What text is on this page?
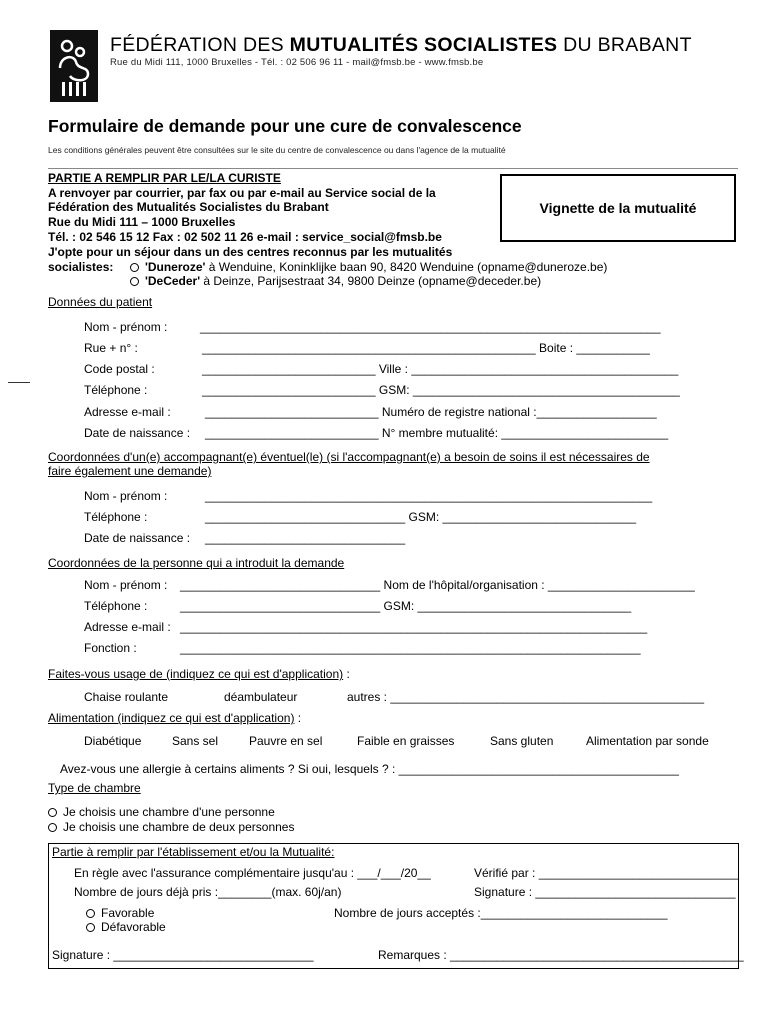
FÉDÉRATION DES MUTUALITÉS SOCIALISTES DU BRABANT
Rue du Midi 111, 1000 Bruxelles - Tél. : 02 506 96 11 - mail@fmsb.be - www.fmsb.be
Formulaire de demande pour une cure de convalescence
Les conditions générales peuvent être consultées sur le site du centre de convalescence ou dans l'agence de la mutualité
Vignette de la mutualité
PARTIE A REMPLIR PAR LE/LA CURISTE
A renvoyer par courrier, par fax ou par e-mail au Service social de la
Fédération des Mutualités Socialistes du Brabant
Rue du Midi 111 – 1000 Bruxelles
Tél. : 02 546 15 12 Fax : 02 502 11 26 e-mail : service_social@fmsb.be
J'opte pour un séjour dans un des centres reconnus par les mutualités
socialistes:	'Duneroze' à Wenduine, Koninklijke baan 90, 8420 Wenduine (opname@duneroze.be)
'DeCeder' à Deinze, Parijsestraat 34, 9800 Deinze (opname@deceder.be)
Données du patient
Nom - prénom :	_____________________________________________________________________
Rue + n° :	__________________________________________________ Boite : ___________
Code postal :	__________________________ Ville : ________________________________________
Téléphone :	__________________________ GSM: ________________________________________
Adresse e-mail :	__________________________ Numéro de registre national :__________________
Date de naissance : __________________________ N° membre mutualité: _________________________
Coordonnées d'un(e) accompagnant(e) éventuel(le) (si l'accompagnant(e) a besoin de soins il est nécessaires de
faire également une demande)
Nom - prénom :	___________________________________________________________________
Téléphone :	______________________________ GSM: _____________________________
Date de naissance : ______________________________
Coordonnées de la personne qui a introduit la demande
Nom - prénom : ______________________________ Nom de l'hôpital/organisation : ______________________
Téléphone :	______________________________ GSM: ________________________________
Adresse e-mail : ______________________________________________________________________
Fonction :	_____________________________________________________________________
Faites-vous usage de (indiquez ce qui est d'application) :
Chaise roulante	déambulateur	autres : _______________________________________________
Alimentation (indiquez ce qui est d'application) :
Diabétique	Sans sel	Pauvre en sel	Faible en graisses	Sans gluten	Alimentation par sonde
Avez-vous une allergie à certains aliments ? Si oui, lesquels ? : __________________________________________
Type de chambre
Je choisis une chambre d'une personne
Je choisis une chambre de deux personnes
Partie à remplir par l'établissement et/ou la Mutualité:
En règle avec l'assurance complémentaire jusqu'au : ___/___/20__	Vérifié par : ______________________________
Nombre de jours déjà pris :________(max. 60j/an)	Signature : ______________________________
Favorable
Défavorable
Nombre de jours acceptés :____________________________
Signature : ______________________________	Remarques : ____________________________________________
